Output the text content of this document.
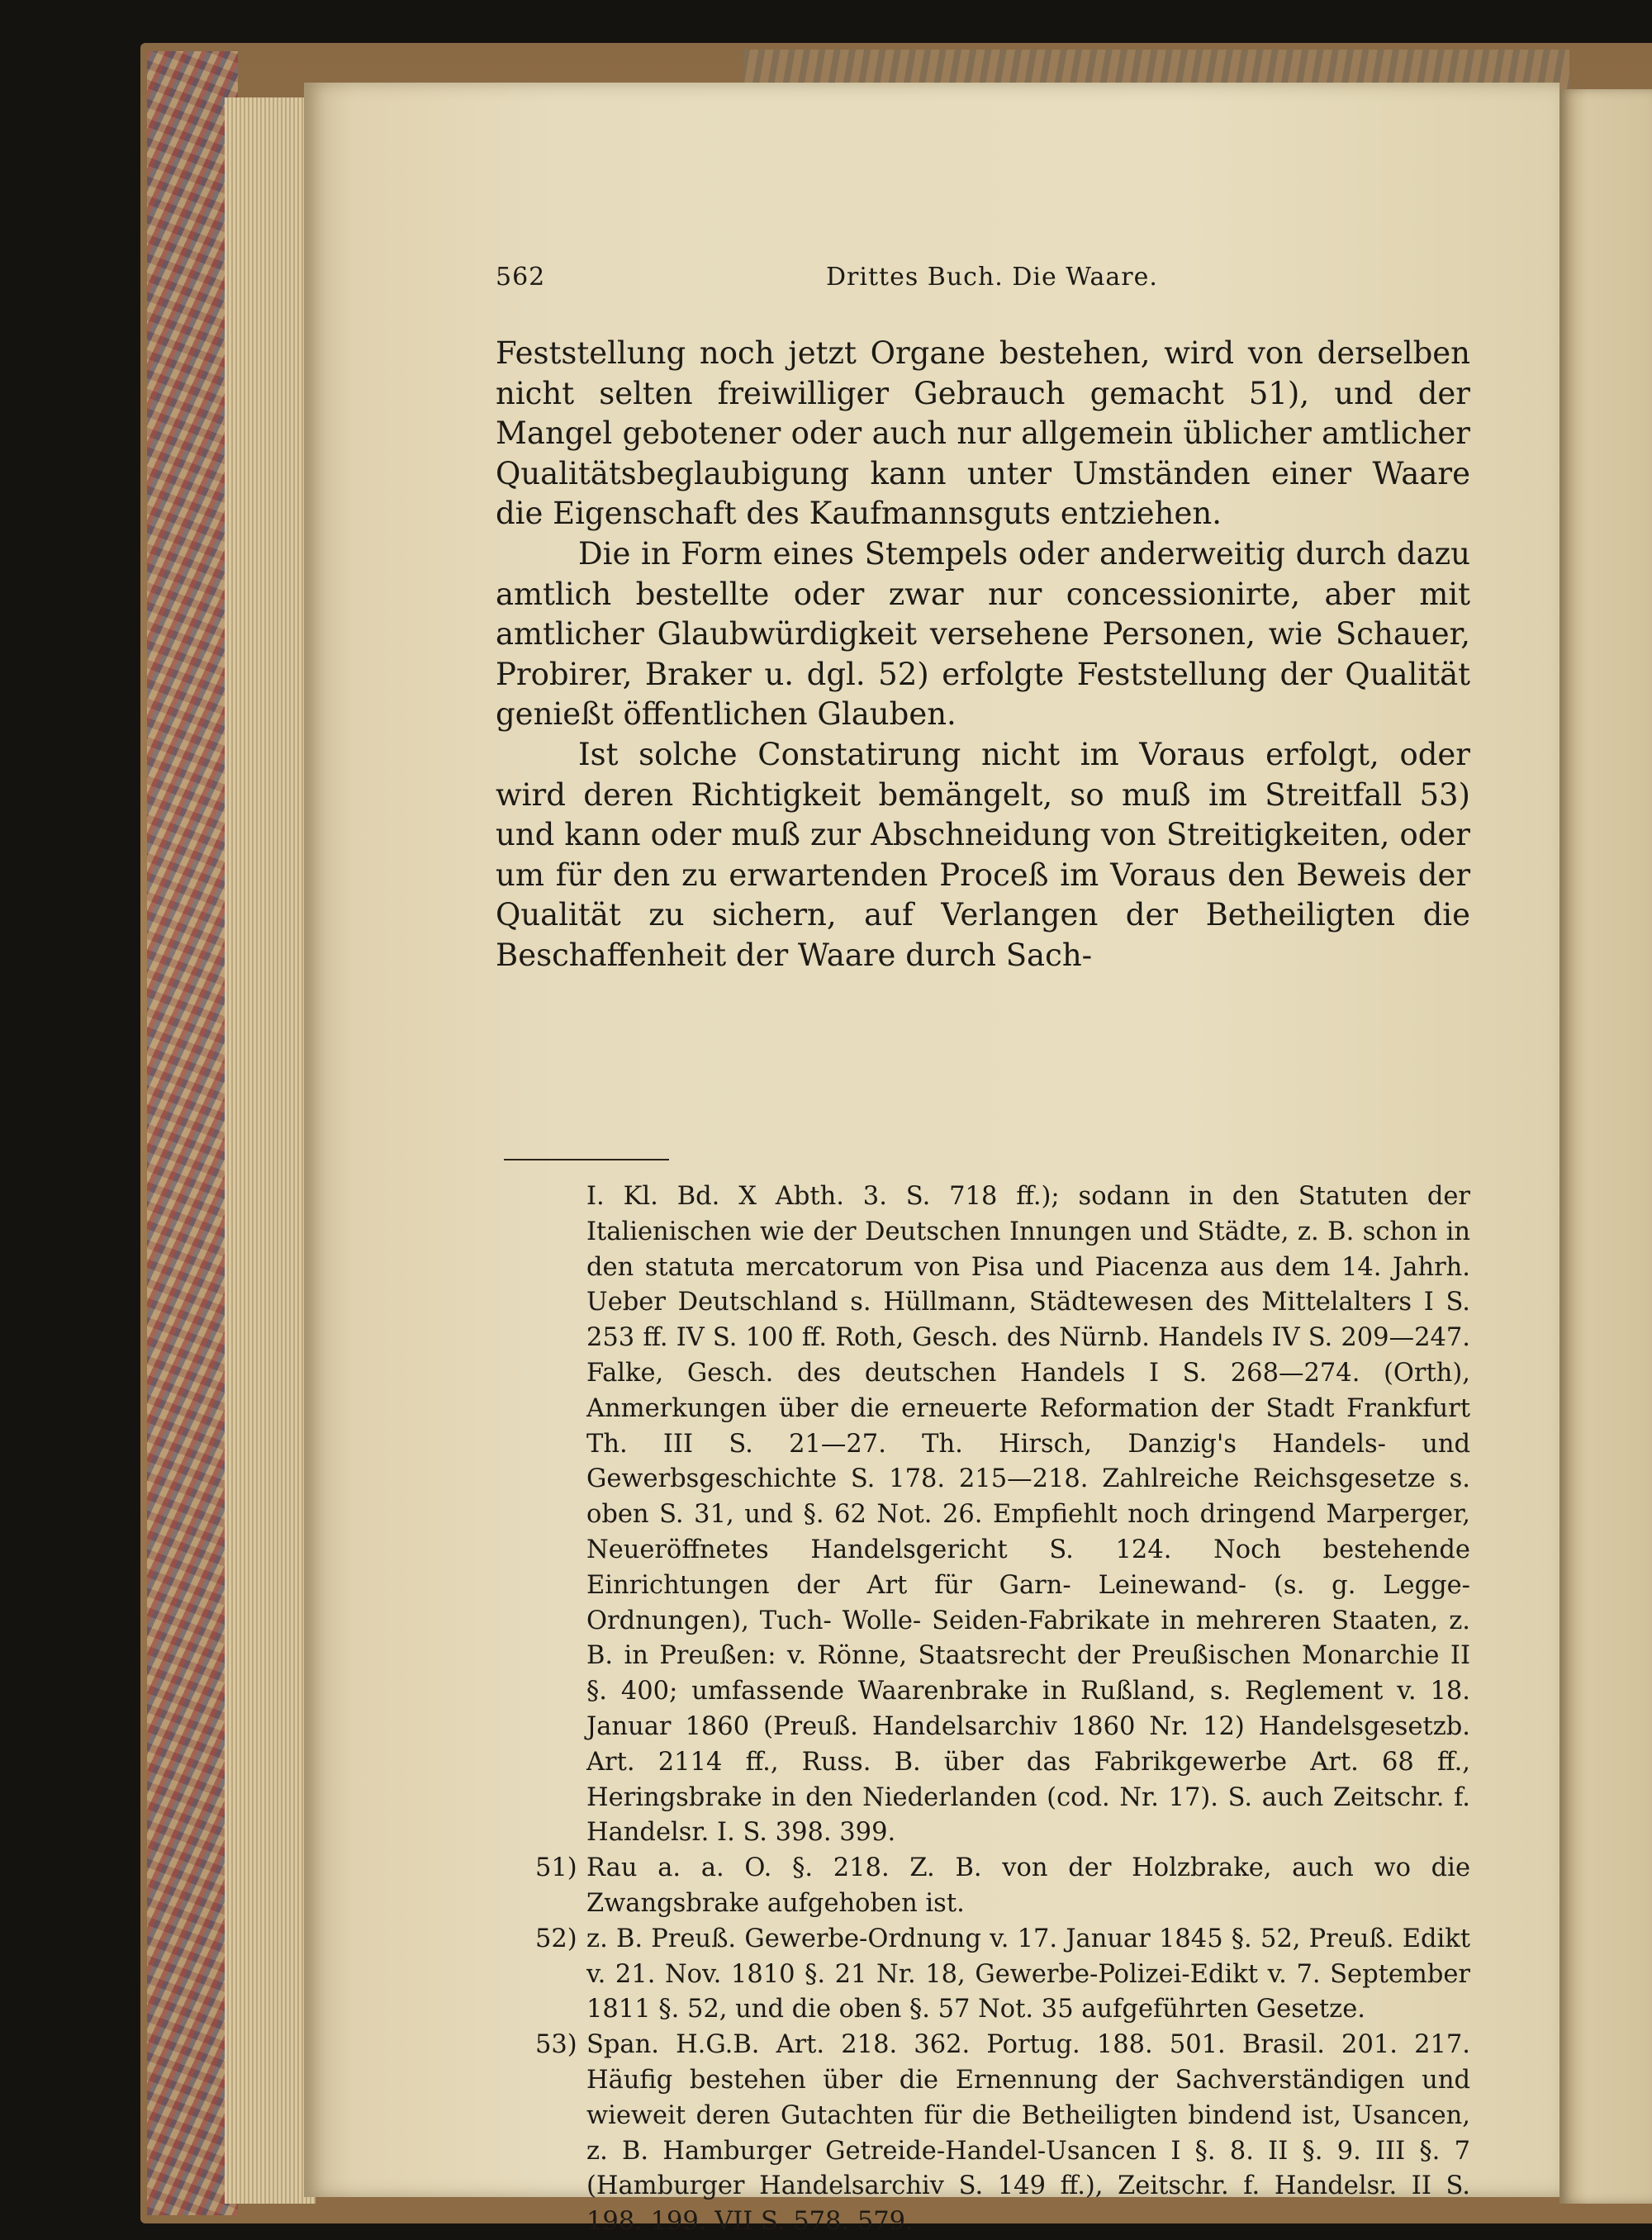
562	Drittes Buch. Die Waare.

Feststellung noch jetzt Organe bestehen, wird von derselben nicht selten freiwilliger Gebrauch gemacht 51), und der Mangel gebotener oder auch nur allgemein üblicher amtlicher Qualitätsbeglaubigung kann unter Umständen einer Waare die Eigenschaft des Kaufmannsguts entziehen.

Die in Form eines Stempels oder anderweitig durch dazu amtlich bestellte oder zwar nur concessionirte, aber mit amtlicher Glaubwürdigkeit versehene Personen, wie Schauer, Probirer, Braker u. dgl. 52) erfolgte Feststellung der Qualität genießt öffentlichen Glauben.

Ist solche Constatirung nicht im Voraus erfolgt, oder wird deren Richtigkeit bemängelt, so muß im Streitfall 53) und kann oder muß zur Abschneidung von Streitigkeiten, oder um für den zu erwartenden Proceß im Voraus den Beweis der Qualität zu sichern, auf Verlangen der Betheiligten die Beschaffenheit der Waare durch Sach-

I. Kl. Bd. X Abth. 3. S. 718 ff.); sodann in den Statuten der Italienischen wie der Deutschen Innungen und Städte, z. B. schon in den statuta mercatorum von Pisa und Piacenza aus dem 14. Jahrh. Ueber Deutschland s. Hüllmann, Städtewesen des Mittelalters I S. 253 ff. IV S. 100 ff. Roth, Gesch. des Nürnb. Handels IV S. 209—247. Falke, Gesch. des deutschen Handels I S. 268—274. (Orth), Anmerkungen über die erneuerte Reformation der Stadt Frankfurt Th. III S. 21—27. Th. Hirsch, Danzig's Handels- und Gewerbsgeschichte S. 178. 215—218. Zahlreiche Reichsgesetze s. oben S. 31, und §. 62 Not. 26. Empfiehlt noch dringend Marperger, Neueröffnetes Handelsgericht S. 124. Noch bestehende Einrichtungen der Art für Garn- Leinewand- (s. g. Legge-Ordnungen), Tuch- Wolle- Seiden-Fabrikate in mehreren Staaten, z. B. in Preußen: v. Rönne, Staatsrecht der Preußischen Monarchie II §. 400; umfassende Waarenbrake in Rußland, s. Reglement v. 18. Januar 1860 (Preuß. Handelsarchiv 1860 Nr. 12) Handelsgesetzb. Art. 2114 ff., Russ. B. über das Fabrikgewerbe Art. 68 ff., Heringsbrake in den Niederlanden (cod. Nr. 17). S. auch Zeitschr. f. Handelsr. I. S. 398. 399.
51) Rau a. a. O. §. 218. Z. B. von der Holzbrake, auch wo die Zwangsbrake aufgehoben ist.
52) z. B. Preuß. Gewerbe-Ordnung v. 17. Januar 1845 §. 52, Preuß. Edikt v. 21. Nov. 1810 §. 21 Nr. 18, Gewerbe-Polizei-Edikt v. 7. September 1811 §. 52, und die oben §. 57 Not. 35 aufgeführten Gesetze.
53) Span. H.G.B. Art. 218. 362. Portug. 188. 501. Brasil. 201. 217. Häufig bestehen über die Ernennung der Sachverständigen und wieweit deren Gutachten für die Betheiligten bindend ist, Usancen, z. B. Hamburger Getreide-Handel-Usancen I §. 8. II §. 9. III §. 7 (Hamburger Handelsarchiv S. 149 ff.), Zeitschr. f. Handelsr. II S. 198. 199. VII S. 578. 579.
